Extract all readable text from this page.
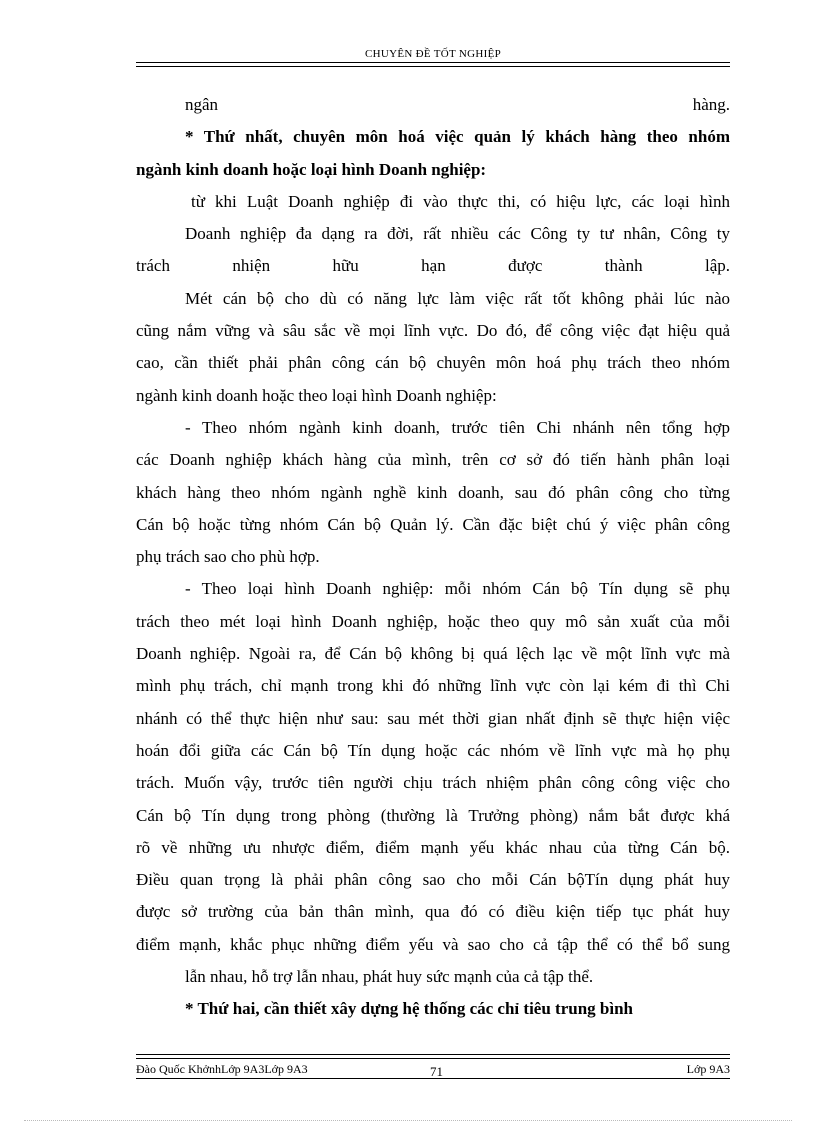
CHUYÊN ĐỀ TỐT NGHIỆP
ngân hàng.
* Thứ nhất, chuyên môn hoá việc quản lý khách hàng theo nhóm
ngành kinh doanh hoặc loại hình Doanh nghiệp:
từ khi Luật Doanh nghiệp đi vào thực thi, có hiệu lực, các loại hình
Doanh nghiệp đa dạng ra đời, rất nhiều các Công ty tư nhân, Công ty
trách nhiện hữu hạn được thành lập.
Mét cán bộ cho dù có năng lực làm việc rất tốt không phải lúc nào
cũng nắm vững và sâu sắc về mọi lĩnh vực. Do đó, để công việc đạt hiệu quả
cao, cần thiết phải phân công cán bộ chuyên môn hoá phụ trách theo nhóm
ngành kinh doanh hoặc theo loại hình Doanh nghiệp:
- Theo nhóm ngành kinh doanh, trước tiên Chi nhánh nên tổng hợp
các Doanh nghiệp khách hàng của mình, trên cơ sở đó tiến hành phân loại
khách hàng theo nhóm ngành nghề kinh doanh, sau đó phân công cho từng
Cán bộ hoặc từng nhóm Cán bộ Quản lý. Cần đặc biệt chú ý việc phân công
phụ trách sao cho phù hợp.
- Theo loại hình Doanh nghiệp: mỗi nhóm Cán bộ Tín dụng sẽ phụ
trách theo mét loại hình Doanh nghiệp, hoặc theo quy mô sản xuất của mỗi
Doanh nghiệp. Ngoài ra, để Cán bộ không bị quá lệch lạc về một lĩnh vực mà
mình phụ trách, chỉ mạnh trong khi đó những lĩnh vực còn lại kém đi thì Chi
nhánh có thể thực hiện như sau: sau mét thời gian nhất định sẽ thực hiện việc
hoán đổi giữa các Cán bộ Tín dụng hoặc các nhóm về lĩnh vực mà họ phụ
trách. Muốn vậy, trước tiên người chịu trách nhiệm phân công công việc cho
Cán bộ Tín dụng trong phòng (thường là Trưởng phòng) nắm bắt được khá
rõ về những ưu nhược điểm, điểm mạnh yếu khác nhau của từng Cán bộ.
Điều quan trọng là phải phân công sao cho mỗi Cán bộTín dụng phát huy
được sở trường của bản thân mình, qua đó có điều kiện tiếp tục phát huy
điểm mạnh, khắc phục những điểm yếu và sao cho cả tập thể có thể bổ sung
lẫn nhau, hỗ trợ lẫn nhau, phát huy sức mạnh của cả tập thể.
* Thứ hai, cần thiết xây dựng hệ thống các chỉ tiêu trung bình
Đào Quốc KhởnhLớp 9A3Lớp 9A3	71	Lớp 9A3
